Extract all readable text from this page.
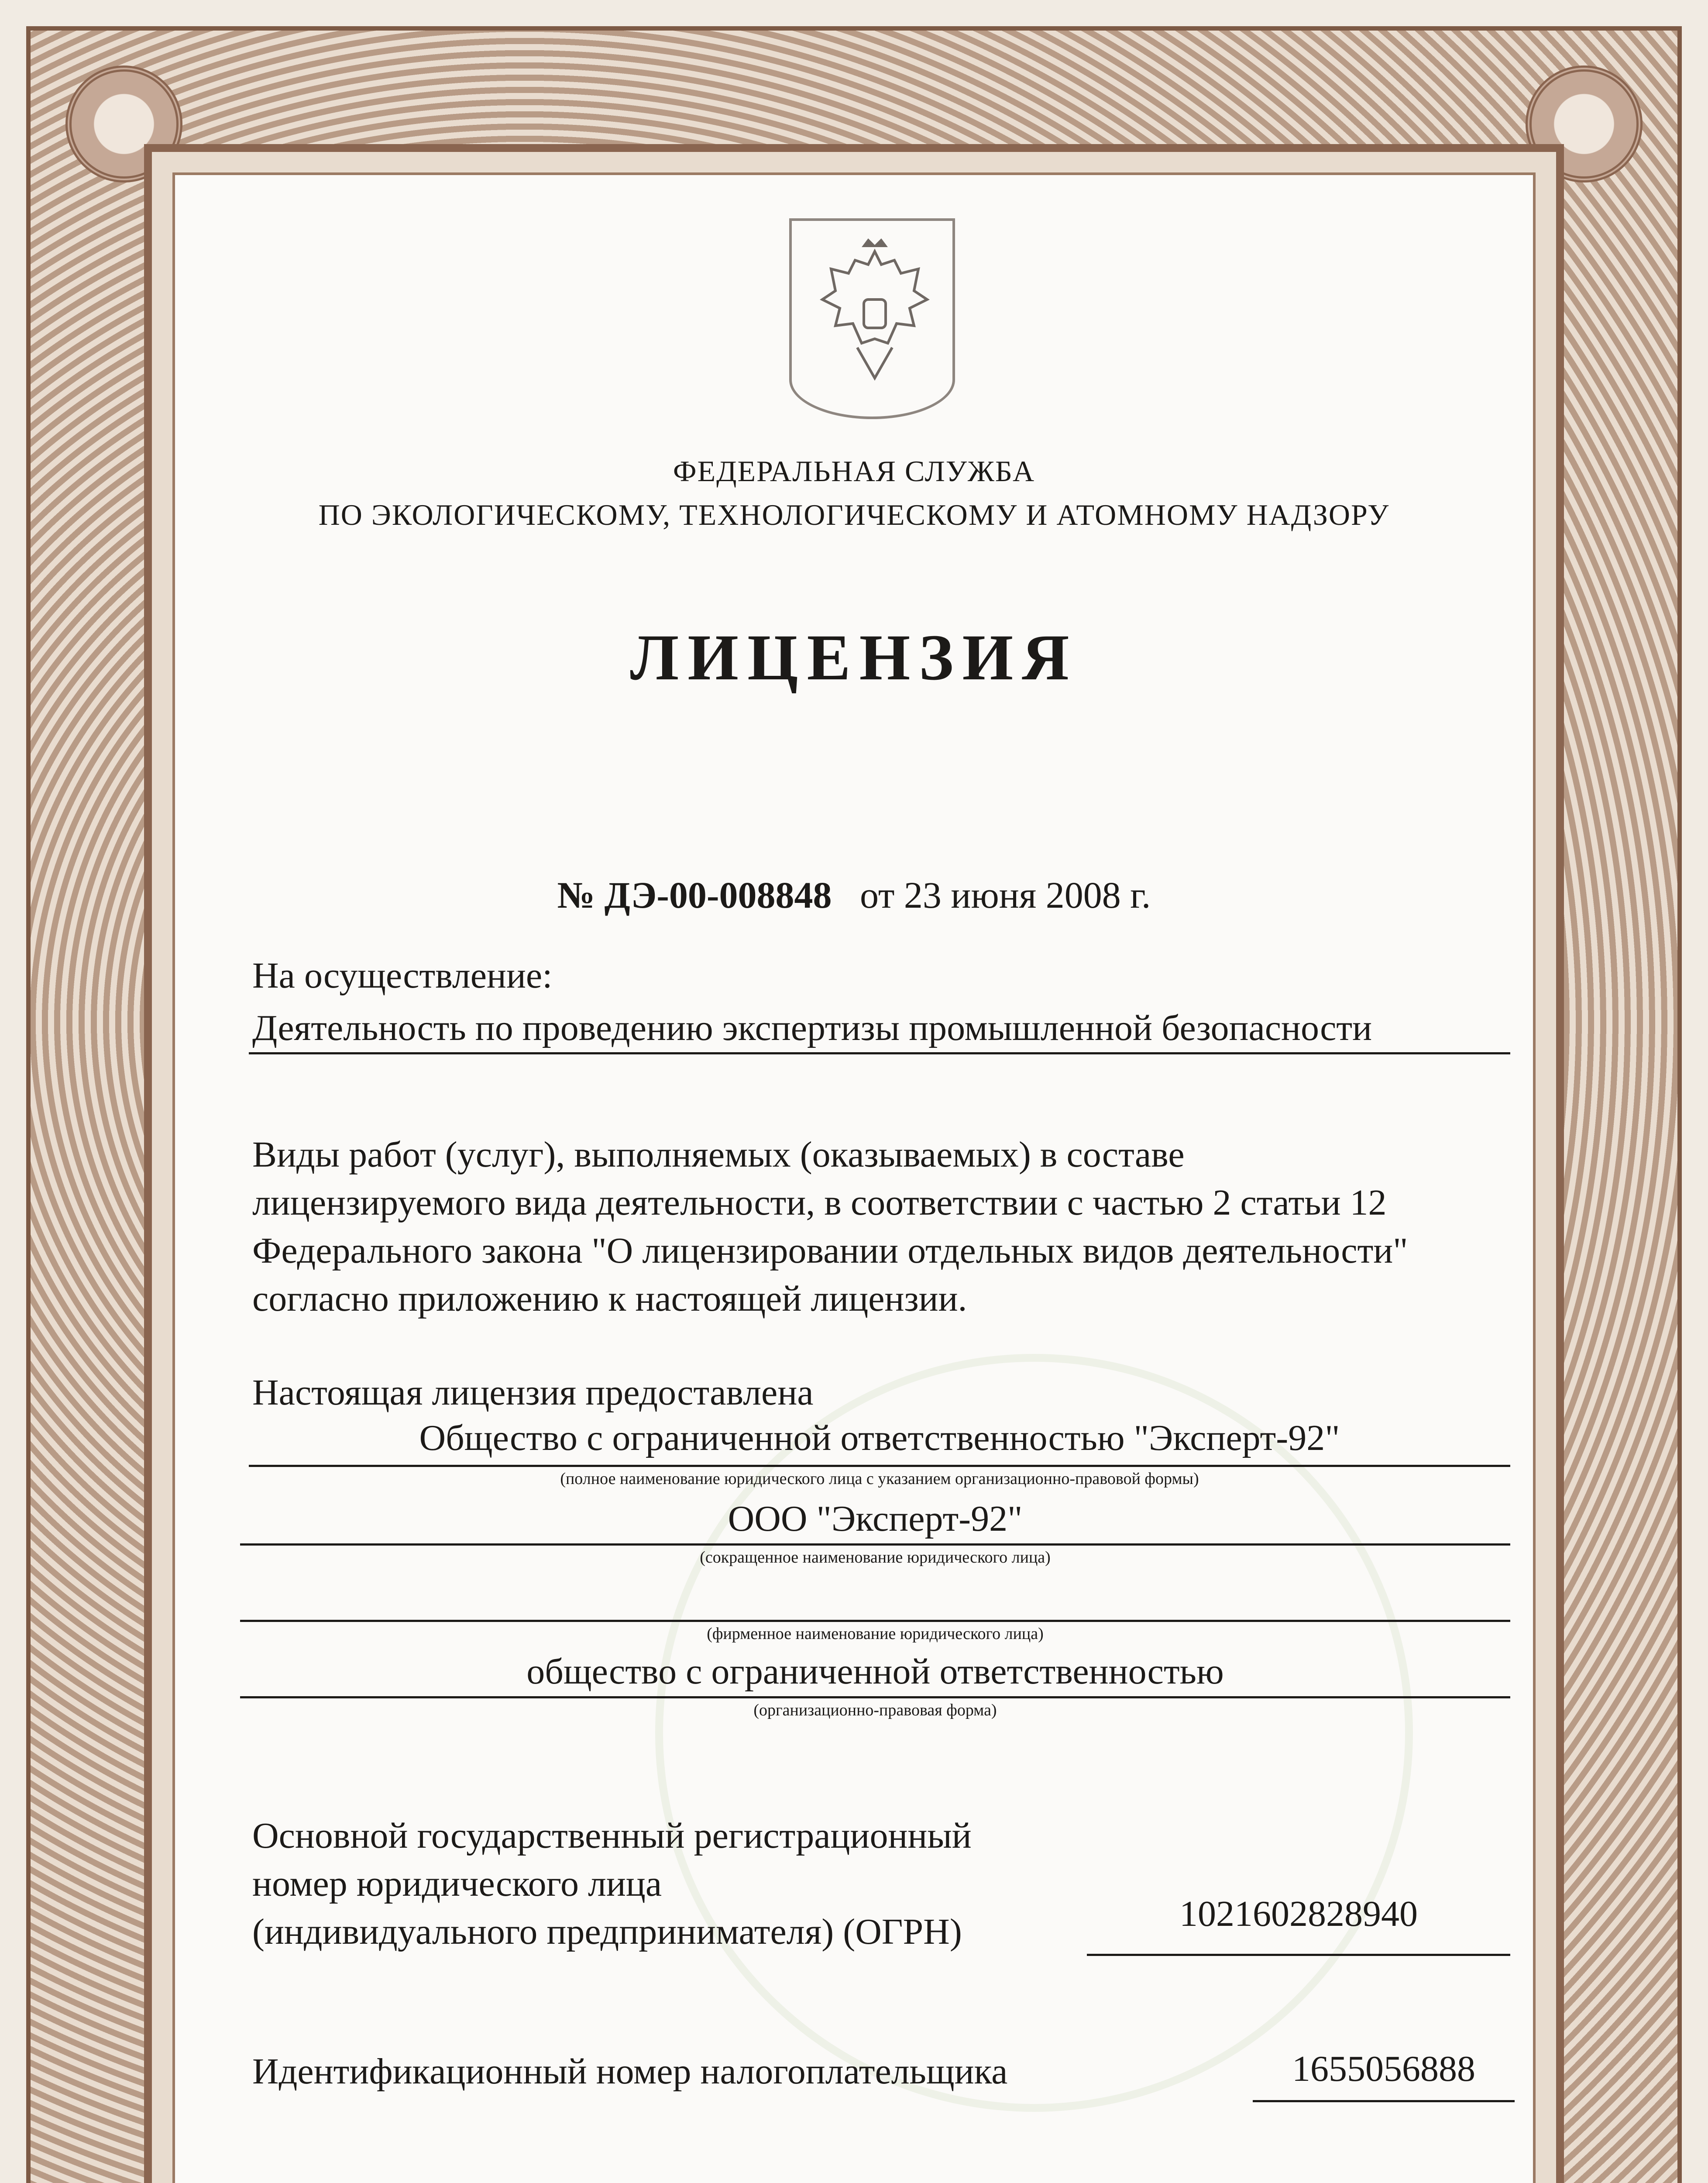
ФЕДЕРАЛЬНАЯ СЛУЖБА
ПО ЭКОЛОГИЧЕСКОМУ, ТЕХНОЛОГИЧЕСКОМУ И АТОМНОМУ НАДЗОРУ
ЛИЦЕНЗИЯ
№ ДЭ-00-008848 от 23 июня 2008 г.
На осуществление:
Деятельность по проведению экспертизы промышленной безопасности
Виды работ (услуг), выполняемых (оказываемых) в составе
лицензируемого вида деятельности, в соответствии с частью 2 статьи 12
Федерального закона "О лицензировании отдельных видов деятельности"
согласно приложению к настоящей лицензии.
Настоящая лицензия предоставлена
Общество с ограниченной ответственностью "Эксперт-92"
(полное наименование юридического лица с указанием организационно-правовой формы)
ООО "Эксперт-92"
(сокращенное наименование юридического лица)
(фирменное наименование юридического лица)
общество с ограниченной ответственностью
(организационно-правовая форма)
Основной государственный регистрационный
номер юридического лица
(индивидуального предпринимателя) (ОГРН)	1021602828940
Идентификационный номер налогоплательщика	1655056888
